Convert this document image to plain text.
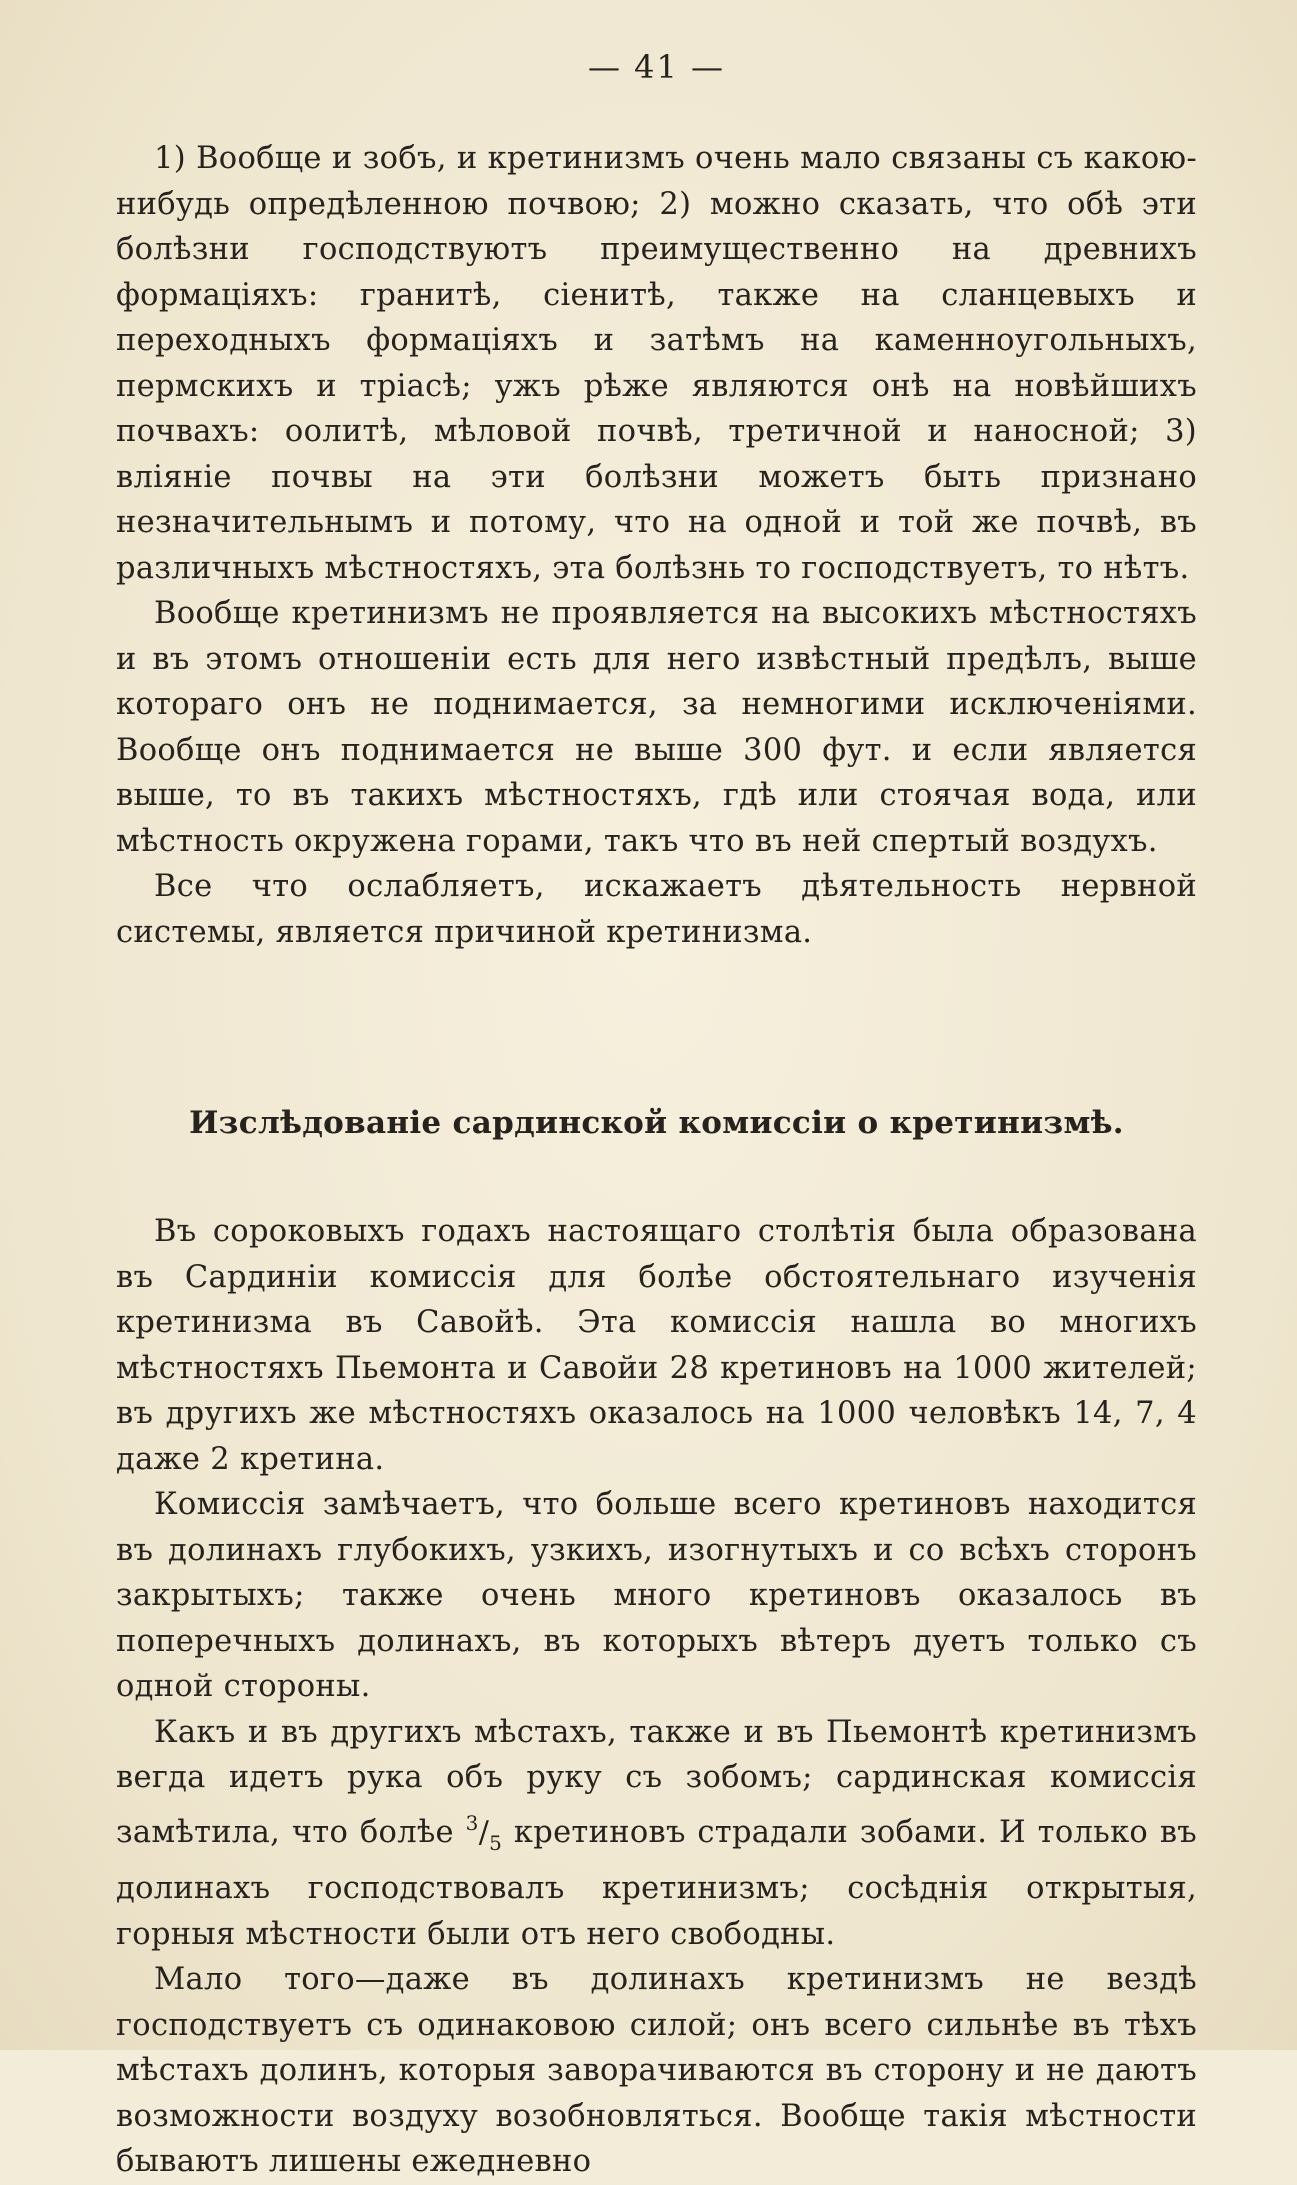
— 41 —

1) Вообще и зобъ, и кретинизмъ очень мало связаны съ какою-нибудь опредѣленною почвою; 2) можно сказать, что обѣ эти болѣзни господствуютъ преимущественно на древнихъ формаціяхъ: гранитѣ, сіенитѣ, также на сланцевыхъ и переходныхъ формаціяхъ и затѣмъ на каменноугольныхъ, пермскихъ и тріасѣ; ужъ рѣже являются онѣ на новѣйшихъ почвахъ: оолитѣ, мѣловой почвѣ, третичной и наносной; 3) вліяніе почвы на эти болѣзни можетъ быть признано незначительнымъ и потому, что на одной и той же почвѣ, въ различныхъ мѣстностяхъ, эта болѣзнь то господствуетъ, то нѣтъ.

Вообще кретинизмъ не проявляется на высокихъ мѣстностяхъ и въ этомъ отношеніи есть для него извѣстный предѣлъ, выше котораго онъ не поднимается, за немногими исключеніями. Вообще онъ поднимается не выше 300 фут. и если является выше, то въ такихъ мѣстностяхъ, гдѣ или стоячая вода, или мѣстность окружена горами, такъ что въ ней спертый воздухъ.

Все что ослабляетъ, искажаетъ дѣятельность нервной системы, является причиной кретинизма.

Изслѣдованіе сардинской комиссіи о кретинизмѣ.

Въ сороковыхъ годахъ настоящаго столѣтія была образована въ Сардиніи комиссія для болѣе обстоятельнаго изученія кретинизма въ Савойѣ. Эта комиссія нашла во многихъ мѣстностяхъ Пьемонта и Савойи 28 кретиновъ на 1000 жителей; въ другихъ же мѣстностяхъ оказалось на 1000 человѣкъ 14, 7, 4 даже 2 кретина.

Комиссія замѣчаетъ, что больше всего кретиновъ находится въ долинахъ глубокихъ, узкихъ, изогнутыхъ и со всѣхъ сторонъ закрытыхъ; также очень много кретиновъ оказалось въ поперечныхъ долинахъ, въ которыхъ вѣтеръ дуетъ только съ одной стороны.

Какъ и въ другихъ мѣстахъ, также и въ Пьемонтѣ кретинизмъ вегда идетъ рука объ руку съ зобомъ; сардинская комиссія замѣтила, что болѣе $^3/_5$ кретиновъ страдали зобами. И только въ долинахъ господствовалъ кретинизмъ; сосѣднія открытыя, горныя мѣстности были отъ него свободны.

Мало того—даже въ долинахъ кретинизмъ не вездѣ господствуетъ съ одинаковою силой; онъ всего сильнѣе въ тѣхъ мѣстахъ долинъ, которыя заворачиваются въ сторону и не даютъ возможности воздуху возобновляться. Вообще такія мѣстности бываютъ лишены ежедневно
